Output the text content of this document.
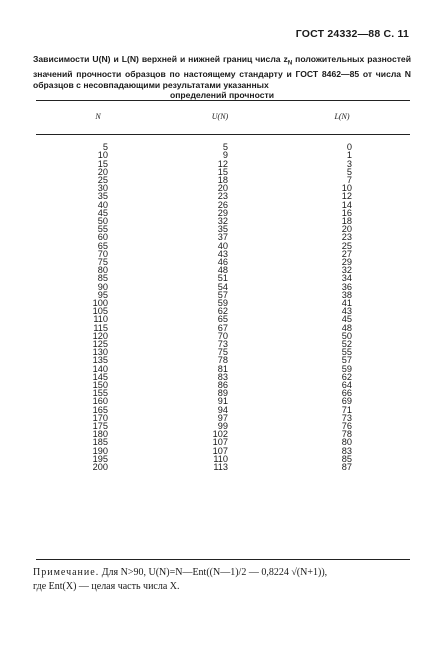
ГОСТ 24332—88 С. 11
Зависимости U(N) и L(N) верхней и нижней границ числа $z_N$ положительных разностей значений прочности образцов по настоящему стандарту и ГОСТ 8462—85 от числа N образцов с несовпадающими результатами указанных
определений прочности
N	U(N)	L(N)
5	5	0
10	9	1
15	12	3
20	15	5
25	18	7
30	20	10
35	23	12
40	26	14
45	29	16
50	32	18
55	35	20
60	37	23
65	40	25
70	43	27
75	46	29
80	48	32
85	51	34
90	54	36
95	57	38
100	59	41
105	62	43
110	65	45
115	67	48
120	70	50
125	73	52
130	75	55
135	78	57
140	81	59
145	83	62
150	86	64
155	89	66
160	91	69
165	94	71
170	97	73
175	99	76
180	102	78
185	107	80
190	107	83
195	110	85
200	113	87
Примечание. Для N>90, U(N)=N—Ent((N—1)/2 — 0,8224 √(N+1)),
где Ent(X) — целая часть числа X.
